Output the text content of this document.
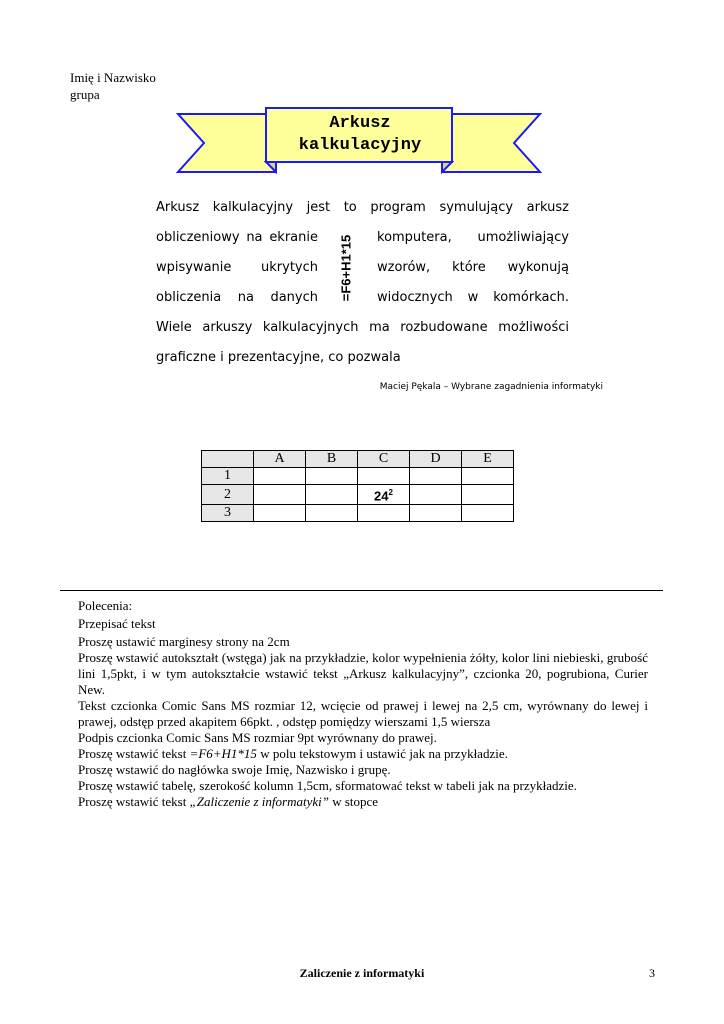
Imię i Nazwisko
grupa
Arkusz
kalkulacyjny
Arkusz kalkulacyjny jest to program symulujący arkusz
obliczeniowy na ekranie	komputera, umożliwiający
wpisywanie ukrytych	wzorów, które wykonują
obliczenia na danych	widocznych w komórkach.
=F6+H1*15
Wiele arkuszy kalkulacyjnych ma rozbudowane możliwości
graficzne i prezentacyjne, co pozwala
Maciej Pękala – Wybrane zagadnienia informatyki
	A	B	C	D	E
1					
2			$24^2$		
3					
Polecenia:
Przepisać tekst
Proszę ustawić marginesy strony na 2cm
Proszę wstawić autokształt (wstęga) jak na przykładzie, kolor wypełnienia żółty, kolor lini niebieski, grubość lini 1,5pkt, i w tym autokształcie wstawić tekst „Arkusz kalkulacyjny”, czcionka 20, pogrubiona, Curier New.
Tekst czcionka Comic Sans MS rozmiar 12, wcięcie od prawej i lewej na 2,5 cm, wyrównany do lewej i prawej, odstęp przed akapitem 66pkt. , odstęp pomiędzy wierszami 1,5 wiersza
Podpis czcionka Comic Sans MS rozmiar 9pt wyrównany do prawej.
Proszę wstawić tekst =F6+H1*15 w polu tekstowym i ustawić jak na przykładzie.
Proszę wstawić do nagłówka swoje Imię, Nazwisko i grupę.
Proszę wstawić tabelę, szerokość kolumn 1,5cm, sformatować tekst w tabeli jak na przykładzie.
Proszę wstawić tekst „Zaliczenie z informatyki” w stopce
Zaliczenie z informatyki	3
